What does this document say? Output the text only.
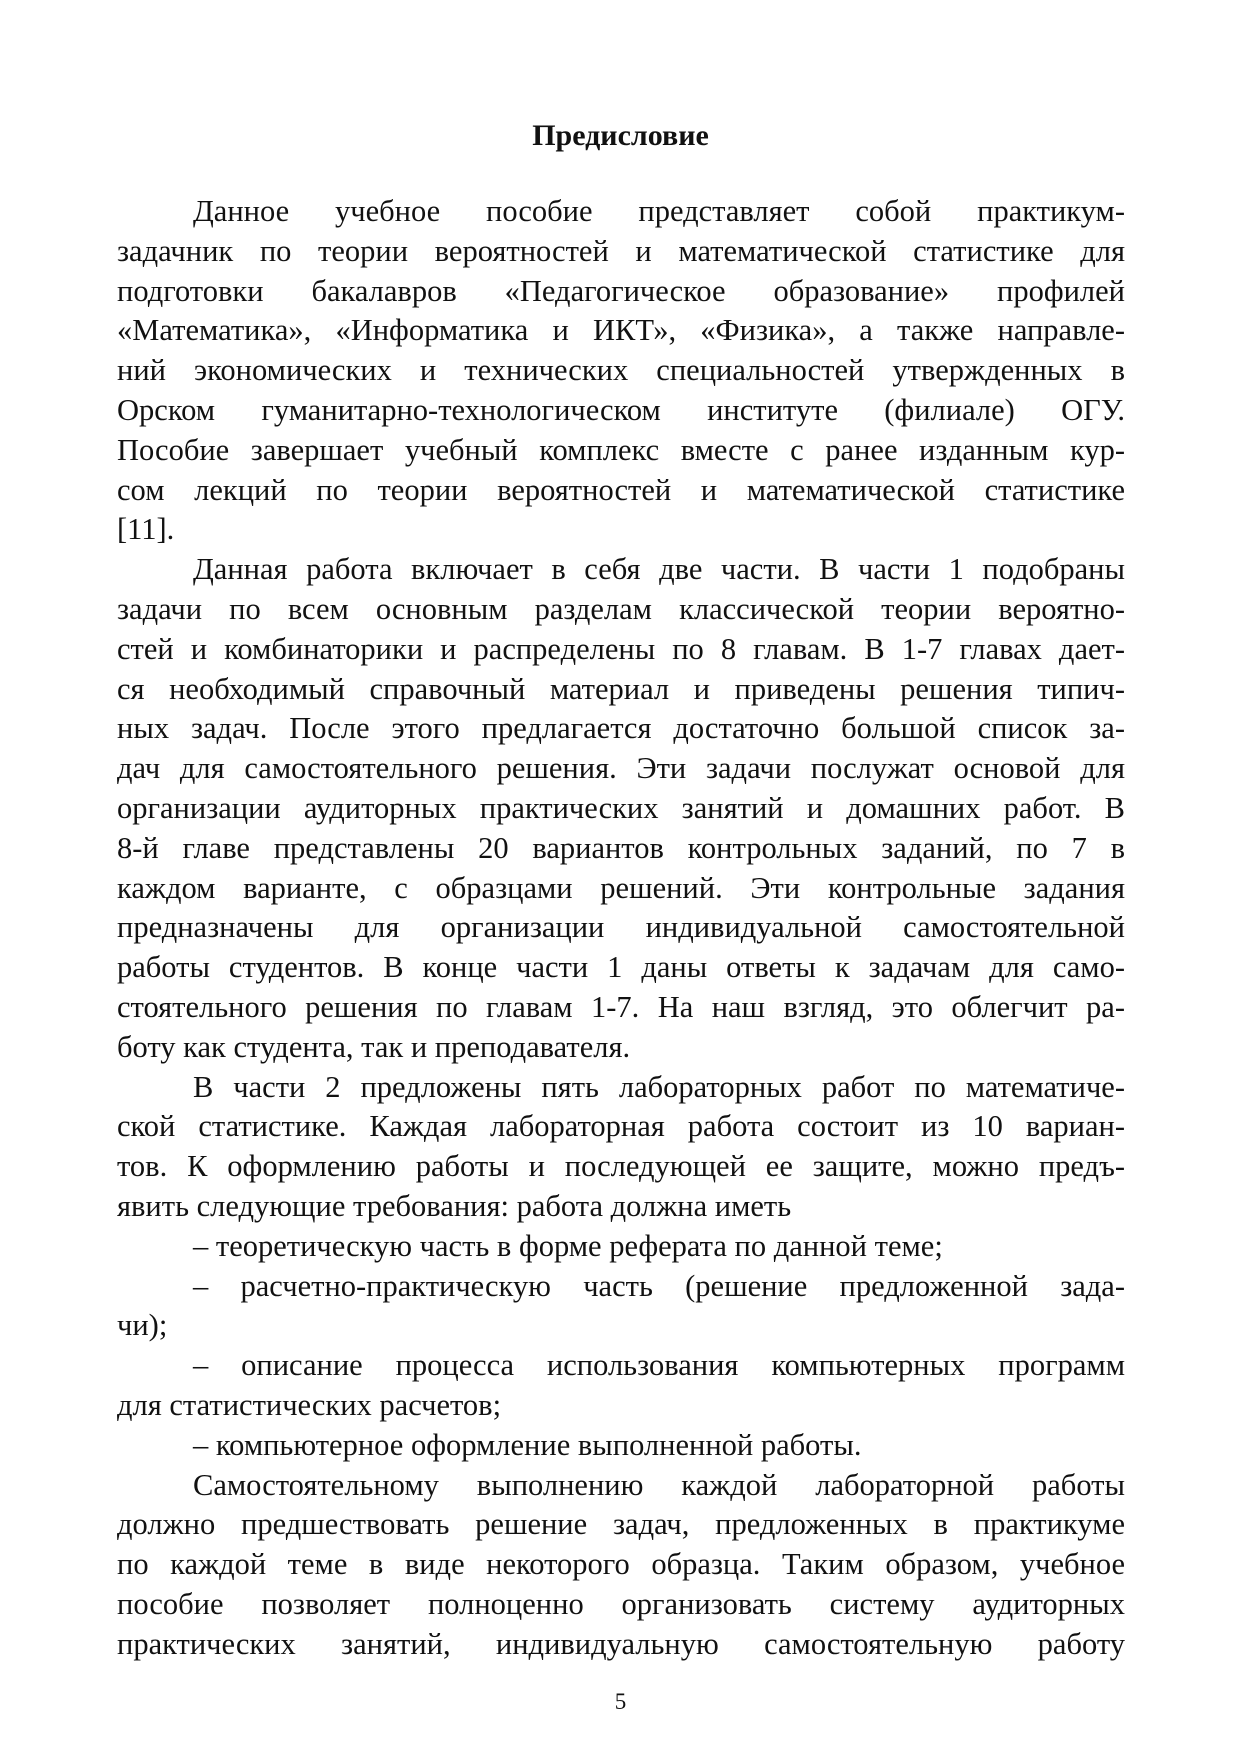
Предисловие
Данное учебное пособие представляет собой практикум-
задачник по теории вероятностей и математической статистике для
подготовки бакалавров «Педагогическое образование» профилей
«Математика», «Информатика и ИКТ», «Физика», а также направле-
ний экономических и технических специальностей утвержденных в
Орском гуманитарно-технологическом институте (филиале) ОГУ.
Пособие завершает учебный комплекс вместе с ранее изданным кур-
сом лекций по теории вероятностей и математической статистике
[11].
Данная работа включает в себя две части. В части 1 подобраны
задачи по всем основным разделам классической теории вероятно-
стей и комбинаторики и распределены по 8 главам. В 1-7 главах дает-
ся необходимый справочный материал и приведены решения типич-
ных задач. После этого предлагается достаточно большой список за-
дач для самостоятельного решения. Эти задачи послужат основой для
организации аудиторных практических занятий и домашних работ. В
8-й главе представлены 20 вариантов контрольных заданий, по 7 в
каждом варианте, с образцами решений. Эти контрольные задания
предназначены для организации индивидуальной самостоятельной
работы студентов. В конце части 1 даны ответы к задачам для само-
стоятельного решения по главам 1-7. На наш взгляд, это облегчит ра-
боту как студента, так и преподавателя.
В части 2 предложены пять лабораторных работ по математиче-
ской статистике. Каждая лабораторная работа состоит из 10 вариан-
тов. К оформлению работы и последующей ее защите, можно предъ-
явить следующие требования: работа должна иметь
– теоретическую часть в форме реферата по данной теме;
– расчетно-практическую часть (решение предложенной зада-
чи);
– описание процесса использования компьютерных программ
для статистических расчетов;
– компьютерное оформление выполненной работы.
Самостоятельному выполнению каждой лабораторной работы
должно предшествовать решение задач, предложенных в практикуме
по каждой теме в виде некоторого образца. Таким образом, учебное
пособие позволяет полноценно организовать систему аудиторных
практических занятий, индивидуальную самостоятельную работу
5
